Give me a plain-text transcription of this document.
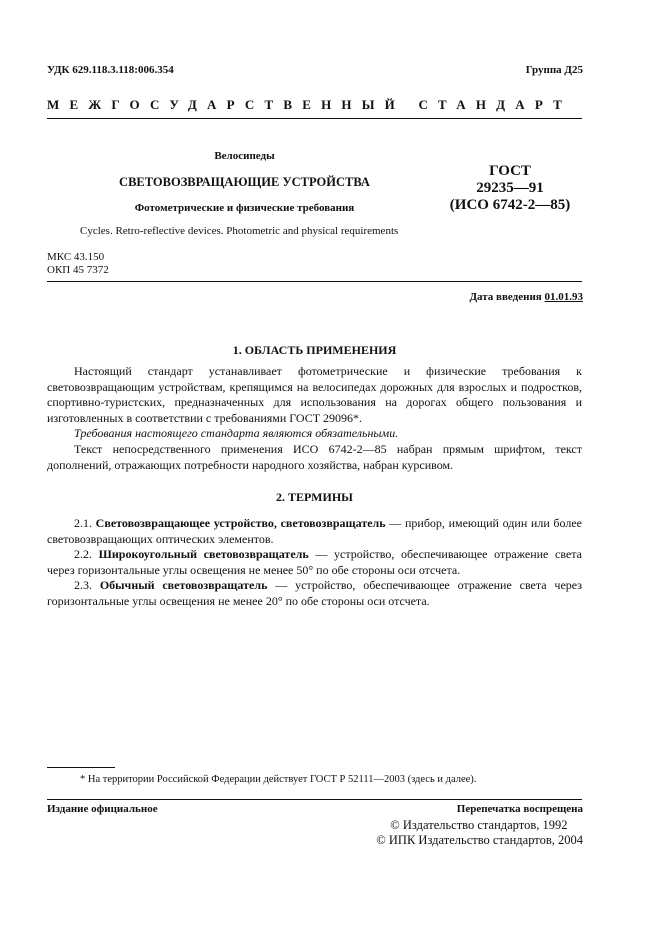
УДК 629.118.3.118:006.354	Группа Д25
МЕЖГОСУДАРСТВЕННЫЙ СТАНДАРТ
Велосипеды
СВЕТОВОЗВРАЩАЮЩИЕ УСТРОЙСТВА
Фотометрические и физические требования
ГОСТ
29235—91
(ИСО 6742-2—85)
Cycles. Retro-reflective devices. Photometric and physical requirements
МКС 43.150
ОКП 45 7372
Дата введения 01.01.93
1. ОБЛАСТЬ ПРИМЕНЕНИЯ

Настоящий стандарт устанавливает фотометрические и физические требования к световозвращающим устройствам, крепящимся на велосипедах дорожных для взрослых и подростков, спортивно-туристских, предназначенных для использования на дорогах общего пользования и изготовленных в соответствии с требованиями ГОСТ 29096*.

Требования настоящего стандарта являются обязательными.

Текст непосредственного применения ИСО 6742-2—85 набран прямым шрифтом, текст дополнений, отражающих потребности народного хозяйства, набран курсивом.

2. ТЕРМИНЫ

2.1. Световозвращающее устройство, световозвращатель — прибор, имеющий один или более световозвращающих оптических элементов.

2.2. Широкоугольный световозвращатель — устройство, обеспечивающее отражение света через горизонтальные углы освещения не менее 50° по обе стороны оси отсчета.

2.3. Обычный световозвращатель — устройство, обеспечивающее отражение света через горизонтальные углы освещения не менее 20° по обе стороны оси отсчета.

* На территории Российской Федерации действует ГОСТ Р 52111—2003 (здесь и далее).
Издание официальное	Перепечатка воспрещена
© Издательство стандартов, 1992
© ИПК Издательство стандартов, 2004
